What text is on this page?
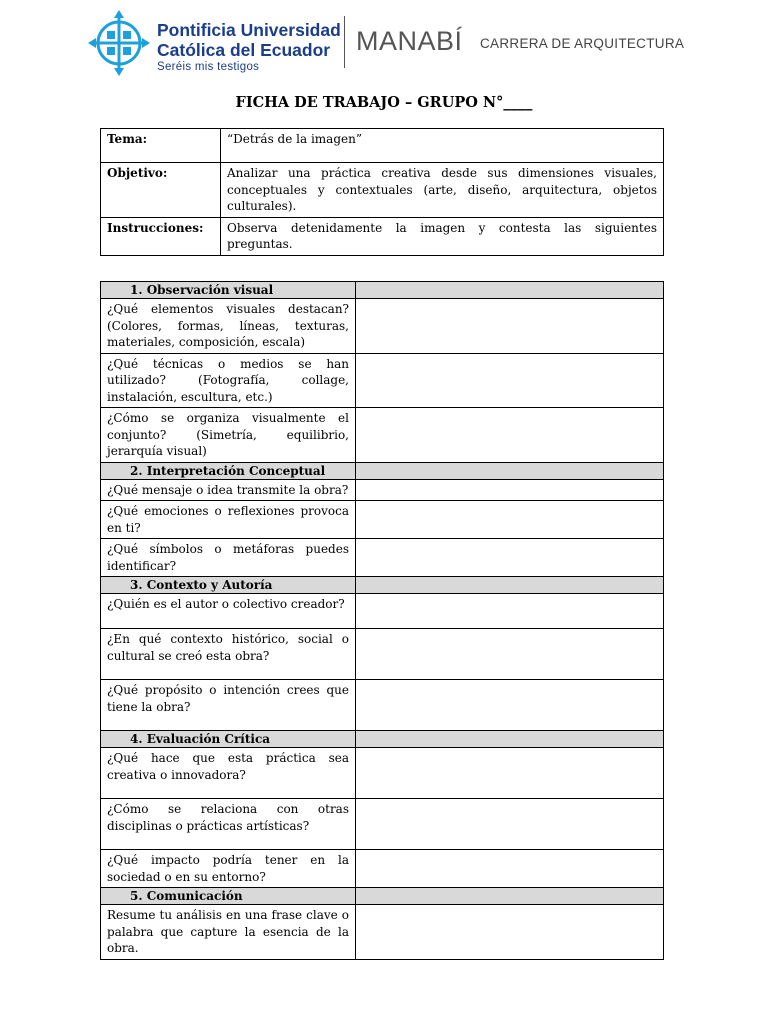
Pontificia Universidad
Católica del Ecuador
Seréis mis testigos
MANABÍ CARRERA DE ARQUITECTURA
FICHA DE TRABAJO – GRUPO N°____
Tema:	“Detrás de la imagen”
Objetivo:	Analizar una práctica creativa desde sus dimensiones visuales, conceptuales y contextuales (arte, diseño, arquitectura, objetos culturales).
Instrucciones:	Observa detenidamente la imagen y contesta las siguientes preguntas.
1. Observación visual	
¿Qué elementos visuales destacan? (Colores, formas, líneas, texturas, materiales, composición, escala)	
¿Qué técnicas o medios se han utilizado? (Fotografía, collage, instalación, escultura, etc.)	
¿Cómo se organiza visualmente el conjunto? (Simetría, equilibrio, jerarquía visual)	
2. Interpretación Conceptual	
¿Qué mensaje o idea transmite la obra?	
¿Qué emociones o reflexiones provoca en ti?	
¿Qué símbolos o metáforas puedes identificar?	
3. Contexto y Autoría	
¿Quién es el autor o colectivo creador?	
¿En qué contexto histórico, social o cultural se creó esta obra?	
¿Qué propósito o intención crees que tiene la obra?	
4. Evaluación Crítica	
¿Qué hace que esta práctica sea creativa o innovadora?	
¿Cómo se relaciona con otras disciplinas o prácticas artísticas?	
¿Qué impacto podría tener en la sociedad o en su entorno?	
5. Comunicación	
Resume tu análisis en una frase clave o palabra que capture la esencia de la obra.	
